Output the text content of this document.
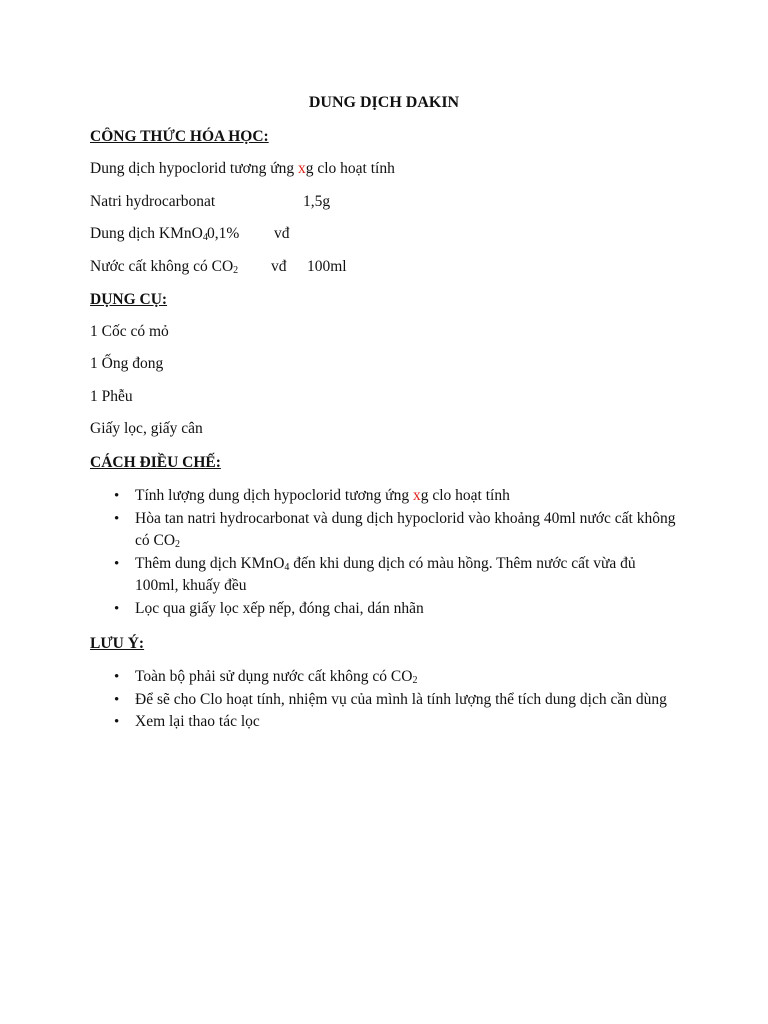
DUNG DỊCH DAKIN
CÔNG THỨC HÓA HỌC:
Dung dịch hypoclorid tương ứng xg clo hoạt tính
Natri hydrocarbonat	1,5g
Dung dịch KMnO$_4$ 0,1% vđ
Nước cất không có $CO_2$ vđ 100ml
DỤNG CỤ:
1 Cốc có mỏ
1 Ống đong
1 Phễu
Giấy lọc, giấy cân
CÁCH ĐIỀU CHẾ:
• Tính lượng dung dịch hypoclorid tương ứng xg clo hoạt tính
• Hòa tan natri hydrocarbonat và dung dịch hypoclorid vào khoảng 40ml nước cất không có $CO_2$
• Thêm dung dịch KMnO$_4$ đến khi dung dịch có màu hồng. Thêm nước cất vừa đủ 100ml, khuấy đều
• Lọc qua giấy lọc xếp nếp, đóng chai, dán nhãn
LƯU Ý:
• Toàn bộ phải sử dụng nước cất không có $CO_2$
• Để sẽ cho Clo hoạt tính, nhiệm vụ của mình là tính lượng thể tích dung dịch cần dùng
• Xem lại thao tác lọc
